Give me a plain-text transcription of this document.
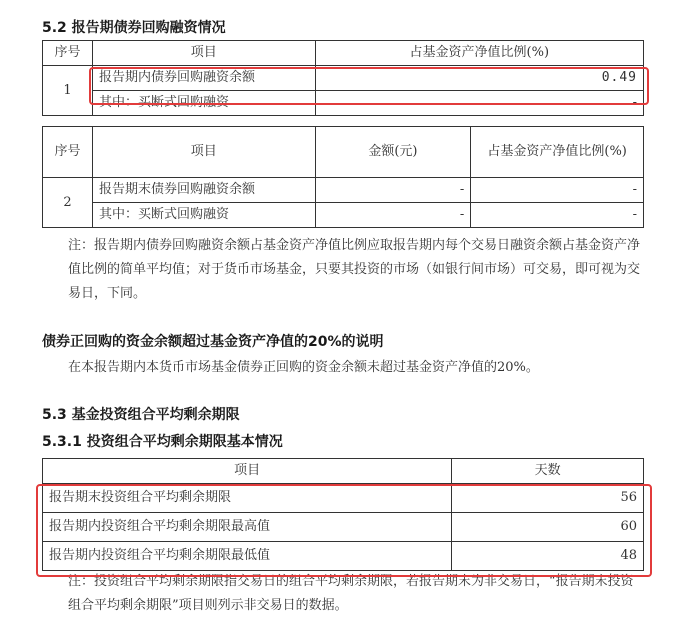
5.2 报告期债券回购融资情况
序号	项目	占基金资产净值比例(%)
1	报告期内债券回购融资余额	0.49
	其中：买断式回购融资	-
序号	项目	金额(元)	占基金资产净值比例(%)
2	报告期末债券回购融资余额	-	-
	其中：买断式回购融资	-	-
注：报告期内债券回购融资余额占基金资产净值比例应取报告期内每个交易日融资余额占基金资产净值比例的简单平均值；对于货币市场基金，只要其投资的市场（如银行间市场）可交易，即可视为交易日，下同。
债券正回购的资金余额超过基金资产净值的20%的说明
在本报告期内本货币市场基金债券正回购的资金余额未超过基金资产净值的20%。
5.3 基金投资组合平均剩余期限
5.3.1 投资组合平均剩余期限基本情况
项目	天数
报告期末投资组合平均剩余期限	56
报告期内投资组合平均剩余期限最高值	60
报告期内投资组合平均剩余期限最低值	48
注：投资组合平均剩余期限指交易日的组合平均剩余期限，若报告期末为非交易日，“报告期末投资组合平均剩余期限”项目则列示非交易日的数据。
